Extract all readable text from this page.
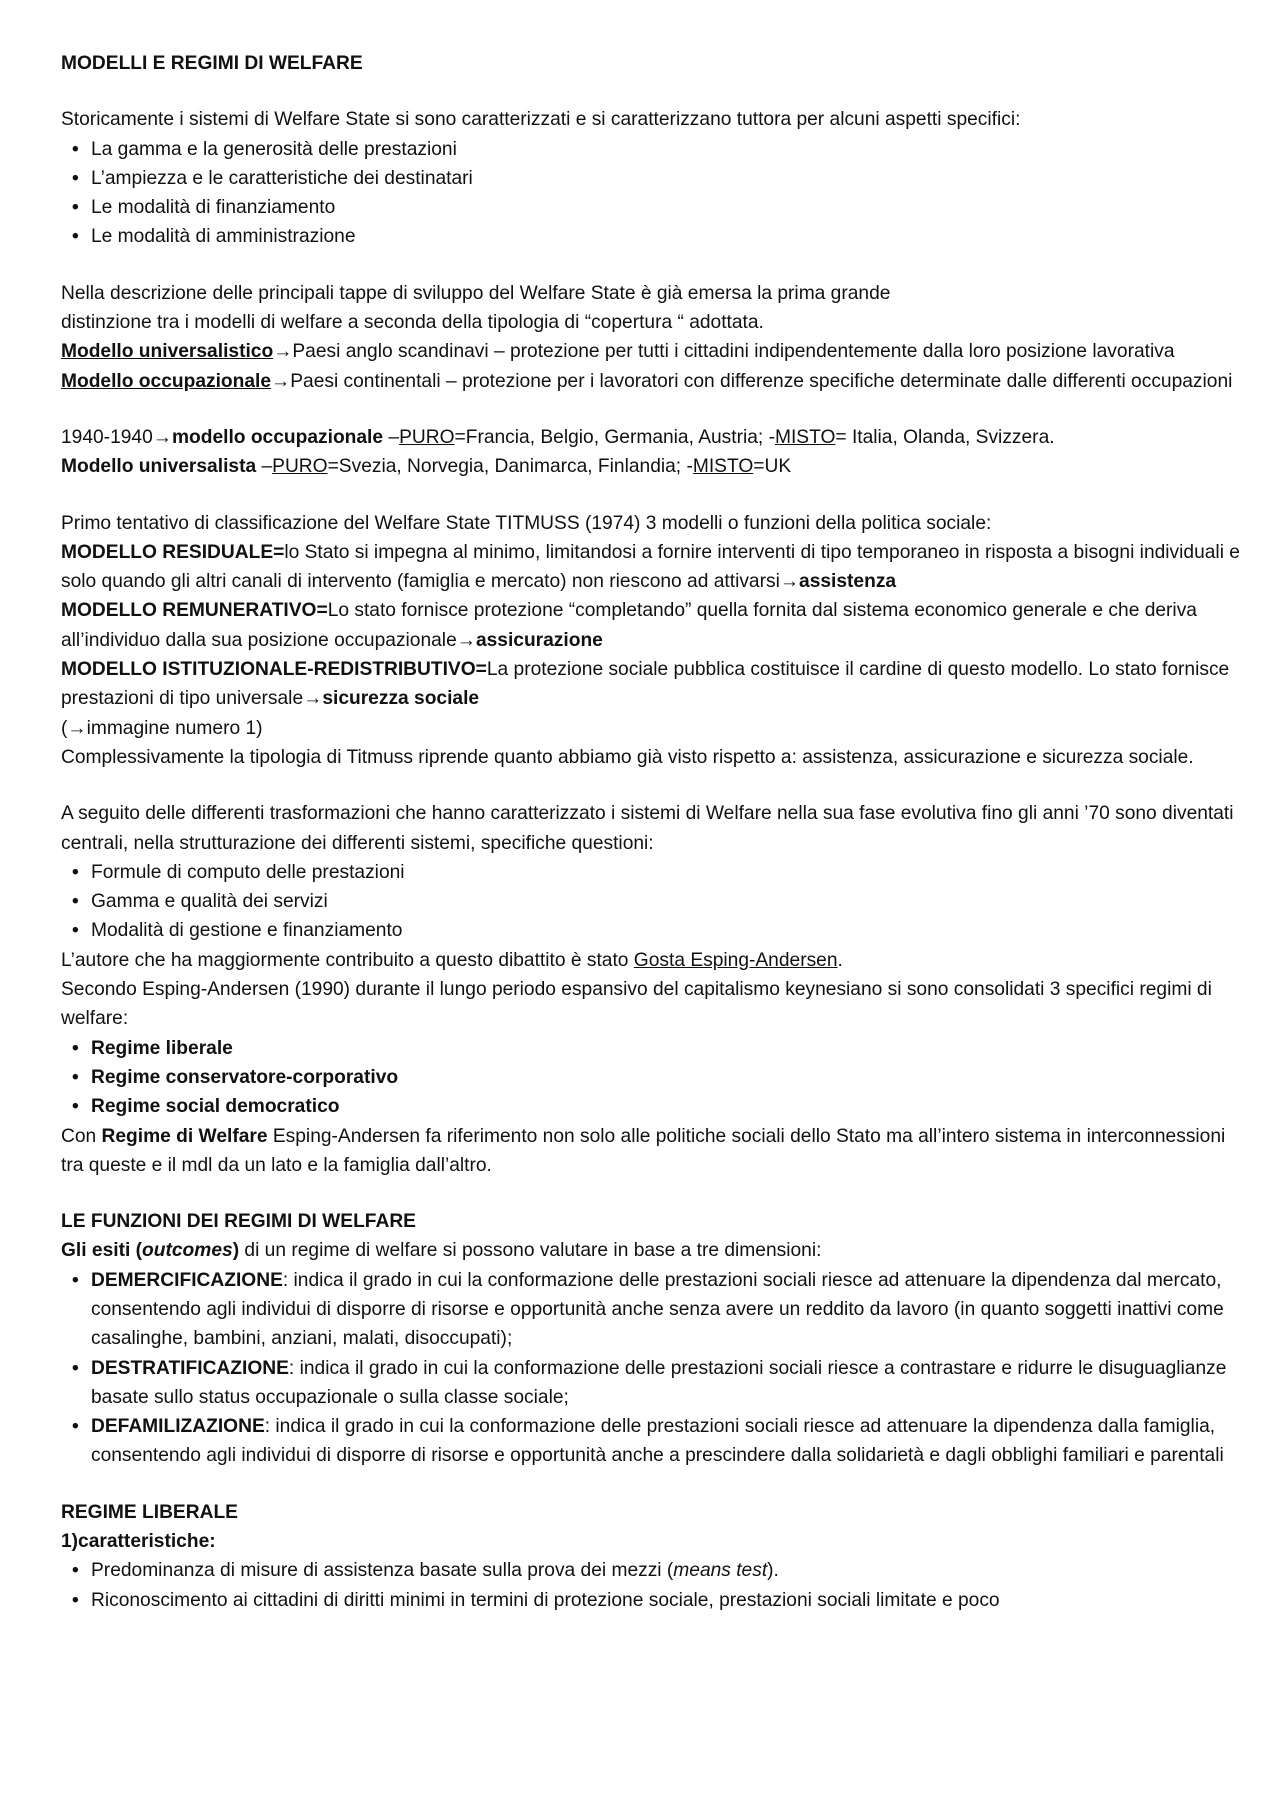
MODELLI E REGIMI DI WELFARE

Storicamente i sistemi di Welfare State si sono caratterizzati e si caratterizzano tuttora per alcuni aspetti specifici:

• La gamma e la generosità delle prestazioni
• L’ampiezza e le caratteristiche dei destinatari
• Le modalità di finanziamento
• Le modalità di amministrazione

Nella descrizione delle principali tappe di sviluppo del Welfare State è già emersa la prima grande

distinzione tra i modelli di welfare a seconda della tipologia di “copertura “ adottata.

Modello universalistico→Paesi anglo scandinavi – protezione per tutti i cittadini indipendentemente dalla loro posizione lavorativa

Modello occupazionale→Paesi continentali – protezione per i lavoratori con differenze specifiche determinate dalle differenti occupazioni

1940-1940→modello occupazionale –PURO=Francia, Belgio, Germania, Austria; -MISTO= Italia, Olanda, Svizzera.

Modello universalista –PURO=Svezia, Norvegia, Danimarca, Finlandia; -MISTO=UK

Primo tentativo di classificazione del Welfare State TITMUSS (1974) 3 modelli o funzioni della politica sociale:

MODELLO RESIDUALE=lo Stato si impegna al minimo, limitandosi a fornire interventi di tipo temporaneo in risposta a bisogni individuali e solo quando gli altri canali di intervento (famiglia e mercato) non riescono ad attivarsi→assistenza

MODELLO REMUNERATIVO=Lo stato fornisce protezione “completando” quella fornita dal sistema economico generale e che deriva all’individuo dalla sua posizione occupazionale→assicurazione

MODELLO ISTITUZIONALE-REDISTRIBUTIVO=La protezione sociale pubblica costituisce il cardine di questo modello. Lo stato fornisce prestazioni di tipo universale→sicurezza sociale

(→immagine numero 1)

Complessivamente la tipologia di Titmuss riprende quanto abbiamo già visto rispetto a: assistenza, assicurazione e sicurezza sociale.

A seguito delle differenti trasformazioni che hanno caratterizzato i sistemi di Welfare nella sua fase evolutiva fino gli anni ’70 sono diventati centrali, nella strutturazione dei differenti sistemi, specifiche questioni:

• Formule di computo delle prestazioni
• Gamma e qualità dei servizi
• Modalità di gestione e finanziamento

L’autore che ha maggiormente contribuito a questo dibattito è stato Gosta Esping-Andersen.

Secondo Esping-Andersen (1990) durante il lungo periodo espansivo del capitalismo keynesiano si sono consolidati 3 specifici regimi di welfare:

• Regime liberale
• Regime conservatore-corporativo
• Regime social democratico

Con Regime di Welfare Esping-Andersen fa riferimento non solo alle politiche sociali dello Stato ma all’intero sistema in interconnessioni tra queste e il mdl da un lato e la famiglia dall’altro.

LE FUNZIONI DEI REGIMI DI WELFARE

Gli esiti (outcomes) di un regime di welfare si possono valutare in base a tre dimensioni:

• DEMERCIFICAZIONE: indica il grado in cui la conformazione delle prestazioni sociali riesce ad attenuare la dipendenza dal mercato, consentendo agli individui di disporre di risorse e opportunità anche senza avere un reddito da lavoro (in quanto soggetti inattivi come casalinghe, bambini, anziani, malati, disoccupati);
• DESTRATIFICAZIONE: indica il grado in cui la conformazione delle prestazioni sociali riesce a contrastare e ridurre le disuguaglianze basate sullo status occupazionale o sulla classe sociale;
• DEFAMILIZAZIONE: indica il grado in cui la conformazione delle prestazioni sociali riesce ad attenuare la dipendenza dalla famiglia, consentendo agli individui di disporre di risorse e opportunità anche a prescindere dalla solidarietà e dagli obblighi familiari e parentali

REGIME LIBERALE

1)caratteristiche:

• Predominanza di misure di assistenza basate sulla prova dei mezzi (means test).
• Riconoscimento ai cittadini di diritti minimi in termini di protezione sociale, prestazioni sociali limitate e poco
